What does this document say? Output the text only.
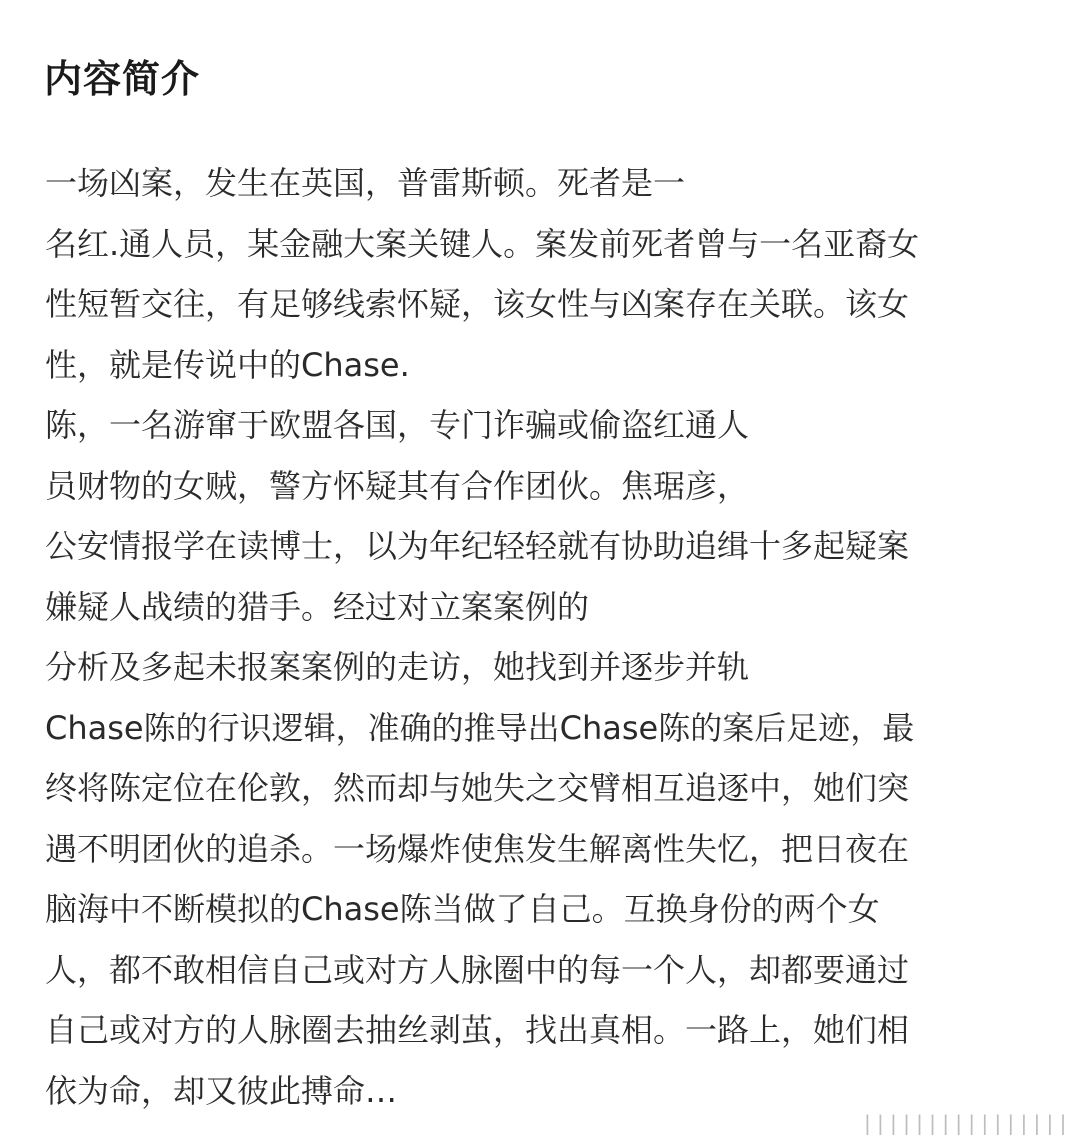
内容简介
一场凶案，发生在英国，普雷斯顿。死者是一
名红.通人员，某金融大案关键人。案发前死者曾与一名亚裔女
性短暂交往，有足够线索怀疑，该女性与凶案存在关联。该女
性，就是传说中的Chase.
陈，一名游窜于欧盟各国，专门诈骗或偷盗红通人
员财物的女贼，警方怀疑其有合作团伙。焦琚彦，
公安情报学在读博士，以为年纪轻轻就有协助追缉十多起疑案
嫌疑人战绩的猎手。经过对立案案例的
分析及多起未报案案例的走访，她找到并逐步并轨
Chase陈的行识逻辑，准确的推导出Chase陈的案后足迹，最
终将陈定位在伦敦，然而却与她失之交臂相互追逐中，她们突
遇不明团伙的追杀。一场爆炸使焦发生解离性失忆，把日夜在
脑海中不断模拟的Chase陈当做了自己。互换身份的两个女
人，都不敢相信自己或对方人脉圈中的每一个人，却都要通过
自己或对方的人脉圈去抽丝剥茧，找出真相。一路上，她们相
依为命，却又彼此搏命…
||||||||||||||||
